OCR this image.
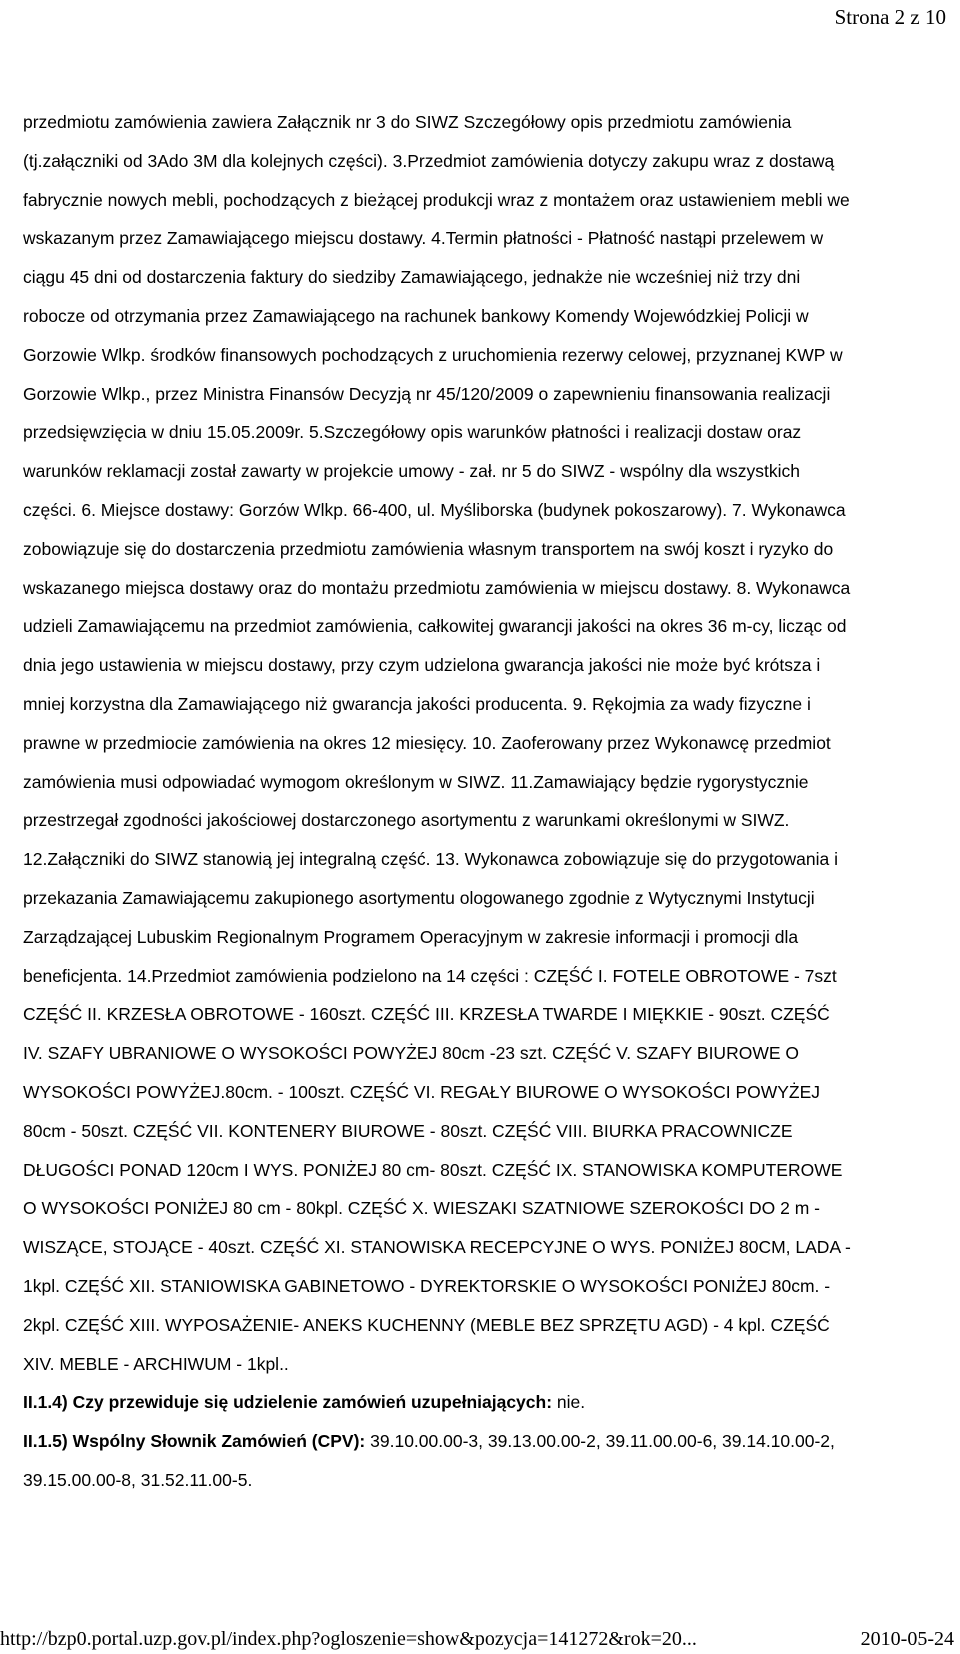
Strona 2 z 10
przedmiotu zamówienia zawiera Załącznik nr 3 do SIWZ Szczegółowy opis przedmiotu zamówienia
(tj.załączniki od 3Ado 3M dla kolejnych części). 3.Przedmiot zamówienia dotyczy zakupu wraz z dostawą
fabrycznie nowych mebli, pochodzących z bieżącej produkcji wraz z montażem oraz ustawieniem mebli we
wskazanym przez Zamawiającego miejscu dostawy. 4.Termin płatności - Płatność nastąpi przelewem w
ciągu 45 dni od dostarczenia faktury do siedziby Zamawiającego, jednakże nie wcześniej niż trzy dni
robocze od otrzymania przez Zamawiającego na rachunek bankowy Komendy Wojewódzkiej Policji w
Gorzowie Wlkp. środków finansowych pochodzących z uruchomienia rezerwy celowej, przyznanej KWP w
Gorzowie Wlkp., przez Ministra Finansów Decyzją nr 45/120/2009 o zapewnieniu finansowania realizacji
przedsięwzięcia w dniu 15.05.2009r. 5.Szczegółowy opis warunków płatności i realizacji dostaw oraz
warunków reklamacji został zawarty w projekcie umowy - zał. nr 5 do SIWZ - wspólny dla wszystkich
części. 6. Miejsce dostawy: Gorzów Wlkp. 66-400, ul. Myśliborska (budynek pokoszarowy). 7. Wykonawca
zobowiązuje się do dostarczenia przedmiotu zamówienia własnym transportem na swój koszt i ryzyko do
wskazanego miejsca dostawy oraz do montażu przedmiotu zamówienia w miejscu dostawy. 8. Wykonawca
udzieli Zamawiającemu na przedmiot zamówienia, całkowitej gwarancji jakości na okres 36 m-cy, licząc od
dnia jego ustawienia w miejscu dostawy, przy czym udzielona gwarancja jakości nie może być krótsza i
mniej korzystna dla Zamawiającego niż gwarancja jakości producenta. 9. Rękojmia za wady fizyczne i
prawne w przedmiocie zamówienia na okres 12 miesięcy. 10. Zaoferowany przez Wykonawcę przedmiot
zamówienia musi odpowiadać wymogom określonym w SIWZ. 11.Zamawiający będzie rygorystycznie
przestrzegał zgodności jakościowej dostarczonego asortymentu z warunkami określonymi w SIWZ.
12.Załączniki do SIWZ stanowią jej integralną część. 13. Wykonawca zobowiązuje się do przygotowania i
przekazania Zamawiającemu zakupionego asortymentu ologowanego zgodnie z Wytycznymi Instytucji
Zarządzającej Lubuskim Regionalnym Programem Operacyjnym w zakresie informacji i promocji dla
beneficjenta. 14.Przedmiot zamówienia podzielono na 14 części : CZĘŚĆ I. FOTELE OBROTOWE - 7szt
CZĘŚĆ II. KRZESŁA OBROTOWE - 160szt. CZĘŚĆ III. KRZESŁA TWARDE I MIĘKKIE - 90szt. CZĘŚĆ
IV. SZAFY UBRANIOWE O WYSOKOŚCI POWYŻEJ 80cm -23 szt. CZĘŚĆ V. SZAFY BIUROWE O
WYSOKOŚCI POWYŻEJ.80cm. - 100szt. CZĘŚĆ VI. REGAŁY BIUROWE O WYSOKOŚCI POWYŻEJ
80cm - 50szt. CZĘŚĆ VII. KONTENERY BIUROWE - 80szt. CZĘŚĆ VIII. BIURKA PRACOWNICZE
DŁUGOŚCI PONAD 120cm I WYS. PONIŻEJ 80 cm- 80szt. CZĘŚĆ IX. STANOWISKA KOMPUTEROWE
O WYSOKOŚCI PONIŻEJ 80 cm - 80kpl. CZĘŚĆ X. WIESZAKI SZATNIOWE SZEROKOŚCI DO 2 m -
WISZĄCE, STOJĄCE - 40szt. CZĘŚĆ XI. STANOWISKA RECEPCYJNE O WYS. PONIŻEJ 80CM, LADA -
1kpl. CZĘŚĆ XII. STANIOWISKA GABINETOWO - DYREKTORSKIE O WYSOKOŚCI PONIŻEJ 80cm. -
2kpl. CZĘŚĆ XIII. WYPOSAŻENIE- ANEKS KUCHENNY (MEBLE BEZ SPRZĘTU AGD) - 4 kpl. CZĘŚĆ
XIV. MEBLE - ARCHIWUM - 1kpl..
II.1.4) Czy przewiduje się udzielenie zamówień uzupełniających: nie.
II.1.5) Wspólny Słownik Zamówień (CPV): 39.10.00.00-3, 39.13.00.00-2, 39.11.00.00-6, 39.14.10.00-2,
39.15.00.00-8, 31.52.11.00-5.
http://bzp0.portal.uzp.gov.pl/index.php?ogloszenie=show&pozycja=141272&rok=20...	2010-05-24
